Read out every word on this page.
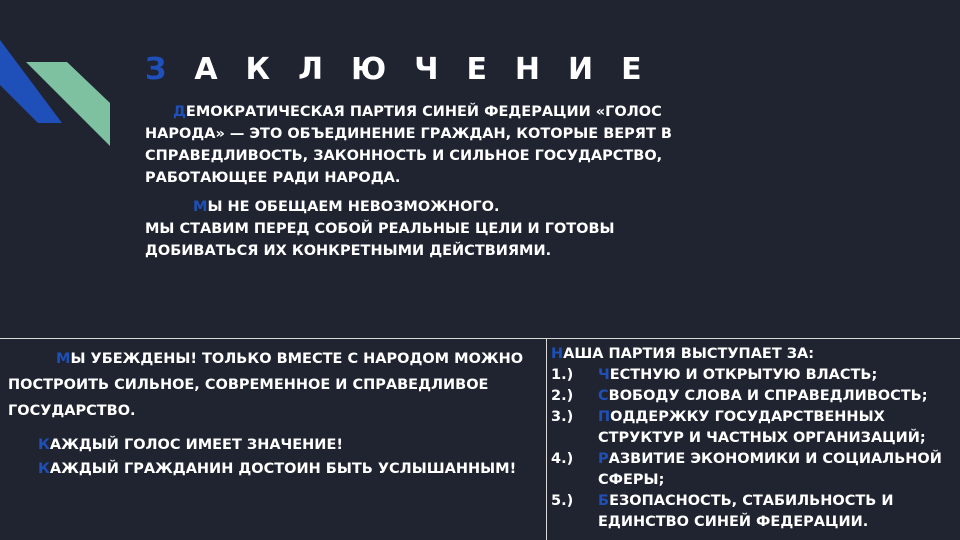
ЗАКЛЮЧЕНИЕ
ДЕМОКРАТИЧЕСКАЯ ПАРТИЯ СИНЕЙ ФЕДЕРАЦИИ «ГОЛОС НАРОДА» — ЭТО ОБЪЕДИНЕНИЕ ГРАЖДАН, КОТОРЫЕ ВЕРЯТ В СПРАВЕДЛИВОСТЬ, ЗАКОННОСТЬ И СИЛЬНОЕ ГОСУДАРСТВО, РАБОТАЮЩЕЕ РАДИ НАРОДА.
МЫ НЕ ОБЕЩАЕМ НЕВОЗМОЖНОГО.
МЫ СТАВИМ ПЕРЕД СОБОЙ РЕАЛЬНЫЕ ЦЕЛИ И ГОТОВЫ ДОБИВАТЬСЯ ИХ КОНКРЕТНЫМИ ДЕЙСТВИЯМИ.
МЫ УБЕЖДЕНЫ! ТОЛЬКО ВМЕСТЕ С НАРОДОМ МОЖНО ПОСТРОИТЬ СИЛЬНОЕ, СОВРЕМЕННОЕ И СПРАВЕДЛИВОЕ ГОСУДАРСТВО.
КАЖДЫЙ ГОЛОС ИМЕЕТ ЗНАЧЕНИЕ!
КАЖДЫЙ ГРАЖДАНИН ДОСТОИН БЫТЬ УСЛЫШАННЫМ!
НАША ПАРТИЯ ВЫСТУПАЕТ ЗА:
1.)	ЧЕСТНУЮ И ОТКРЫТУЮ ВЛАСТЬ;
2.)	СВОБОДУ СЛОВА И СПРАВЕДЛИВОСТЬ;
3.)	ПОДДЕРЖКУ ГОСУДАРСТВЕННЫХ СТРУКТУР И ЧАСТНЫХ ОРГАНИЗАЦИЙ;
4.)	РАЗВИТИЕ ЭКОНОМИКИ И СОЦИАЛЬНОЙ СФЕРЫ;
5.)	БЕЗОПАСНОСТЬ, СТАБИЛЬНОСТЬ И ЕДИНСТВО СИНЕЙ ФЕДЕРАЦИИ.
